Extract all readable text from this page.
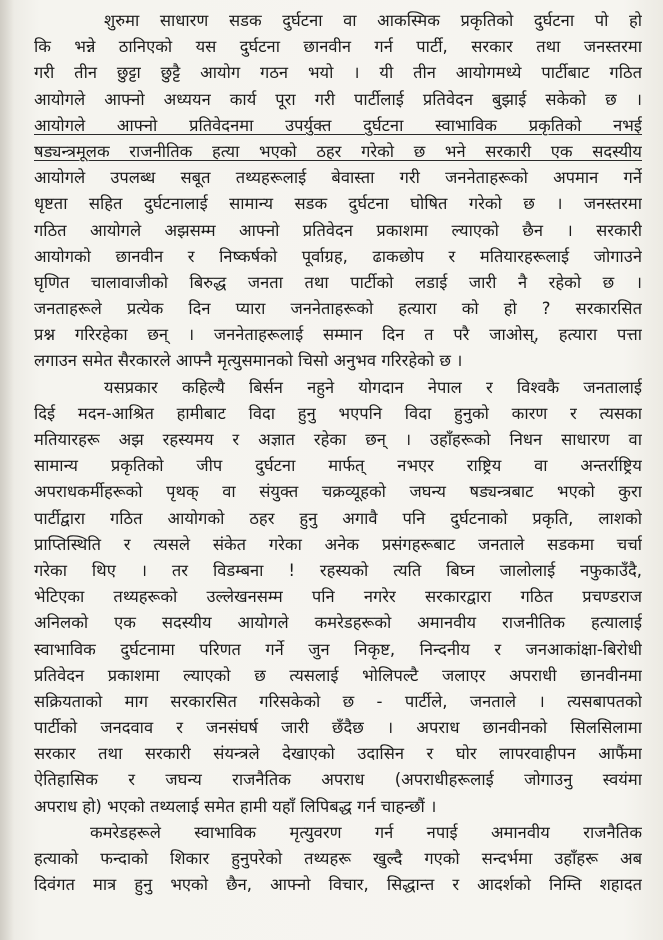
शुरुमा साधारण सडक दुर्घटना वा आकस्मिक प्रकृतिको दुर्घटना पो हो
कि भन्ने ठानिएको यस दुर्घटना छानवीन गर्न पार्टी, सरकार तथा जनस्तरमा
गरी तीन छुट्टा छुट्टै आयोग गठन भयो । यी तीन आयोगमध्ये पार्टीबाट गठित
आयोगले आफ्नो अध्ययन कार्य पूरा गरी पार्टीलाई प्रतिवेदन बुझाई सकेको छ ।
आयोगले आफ्नो प्रतिवेदनमा उपर्युक्त दुर्घटना स्वाभाविक प्रकृतिको नभई
षड्यन्त्रमूलक राजनीतिक हत्या भएको ठहर गरेको छ भने सरकारी एक सदस्यीय
आयोगले उपलब्ध सबूत तथ्यहरूलाई बेवास्ता गरी जननेताहरूको अपमान गर्ने
धृष्टता सहित दुर्घटनालाई सामान्य सडक दुर्घटना घोषित गरेको छ । जनस्तरमा
गठित आयोगले अझसम्म आफ्नो प्रतिवेदन प्रकाशमा ल्याएको छैन । सरकारी
आयोगको छानवीन र निष्कर्षको पूर्वाग्रह, ढाकछोप र मतियारहरूलाई जोगाउने
घृणित चालावाजीको बिरुद्ध जनता तथा पार्टीको लडाई जारी नै रहेको छ ।
जनताहरूले प्रत्येक दिन प्यारा जननेताहरूको हत्यारा को हो ? सरकारसित
प्रश्न गरिरहेका छन् । जननेताहरूलाई सम्मान दिन त परै जाओस्, हत्यारा पत्ता
लगाउन समेत सैरकारले आफ्नै मृत्युसमानको चिसो अनुभव गरिरहेको छ ।
यसप्रकार कहिल्यै बिर्सन नहुने योगदान नेपाल र विश्वकै जनतालाई
दिई मदन-आश्रित हामीबाट विदा हुनु भएपनि विदा हुनुको कारण र त्यसका
मतियारहरू अझ रहस्यमय र अज्ञात रहेका छन् । उहाँहरूको निधन साधारण वा
सामान्य प्रकृतिको जीप दुर्घटना मार्फत् नभएर राष्ट्रिय वा अन्तर्राष्ट्रिय
अपराधकर्मीहरूको पृथक् वा संयुक्त चक्रव्यूहको जघन्य षड्यन्त्रबाट भएको कुरा
पार्टीद्वारा गठित आयोगको ठहर हुनु अगावै पनि दुर्घटनाको प्रकृति, लाशको
प्राप्तिस्थिति र त्यसले संकेत गरेका अनेक प्रसंगहरूबाट जनताले सडकमा चर्चा
गरेका थिए । तर विडम्बना ! रहस्यको त्यति बिघ्न जालोलाई नफुकाउँदै,
भेटिएका तथ्यहरूको उल्लेखनसम्म पनि नगरेर सरकारद्वारा गठित प्रचण्डराज
अनिलको एक सदस्यीय आयोगले कमरेडहरूको अमानवीय राजनीतिक हत्यालाई
स्वाभाविक दुर्घटनामा परिणत गर्ने जुन निकृष्ट, निन्दनीय र जनआकांक्षा-बिरोधी
प्रतिवेदन प्रकाशमा ल्याएको छ त्यसलाई भोलिपल्टै जलाएर अपराधी छानवीनमा
सक्रियताको माग सरकारसित गरिसकेको छ - पार्टीले, जनताले । त्यसबापतको
पार्टीको जनदवाव र जनसंघर्ष जारी छँदैछ । अपराध छानवीनको सिलसिलामा
सरकार तथा सरकारी संयन्त्रले देखाएको उदासिन र घोर लापरवाहीपन आफैंमा
ऐतिहासिक र जघन्य राजनैतिक अपराध (अपराधीहरूलाई जोगाउनु स्वयंमा
अपराध हो) भएको तथ्यलाई समेत हामी यहाँ लिपिबद्ध गर्न चाहन्छौं ।
कमरेडहरूले स्वाभाविक मृत्युवरण गर्न नपाई अमानवीय राजनैतिक
हत्याको फन्दाको शिकार हुनुपरेको तथ्यहरू खुल्दै गएको सन्दर्भमा उहाँहरू अब
दिवंगत मात्र हुनु भएको छैन, आफ्नो विचार, सिद्धान्त र आदर्शको निम्ति शहादत
